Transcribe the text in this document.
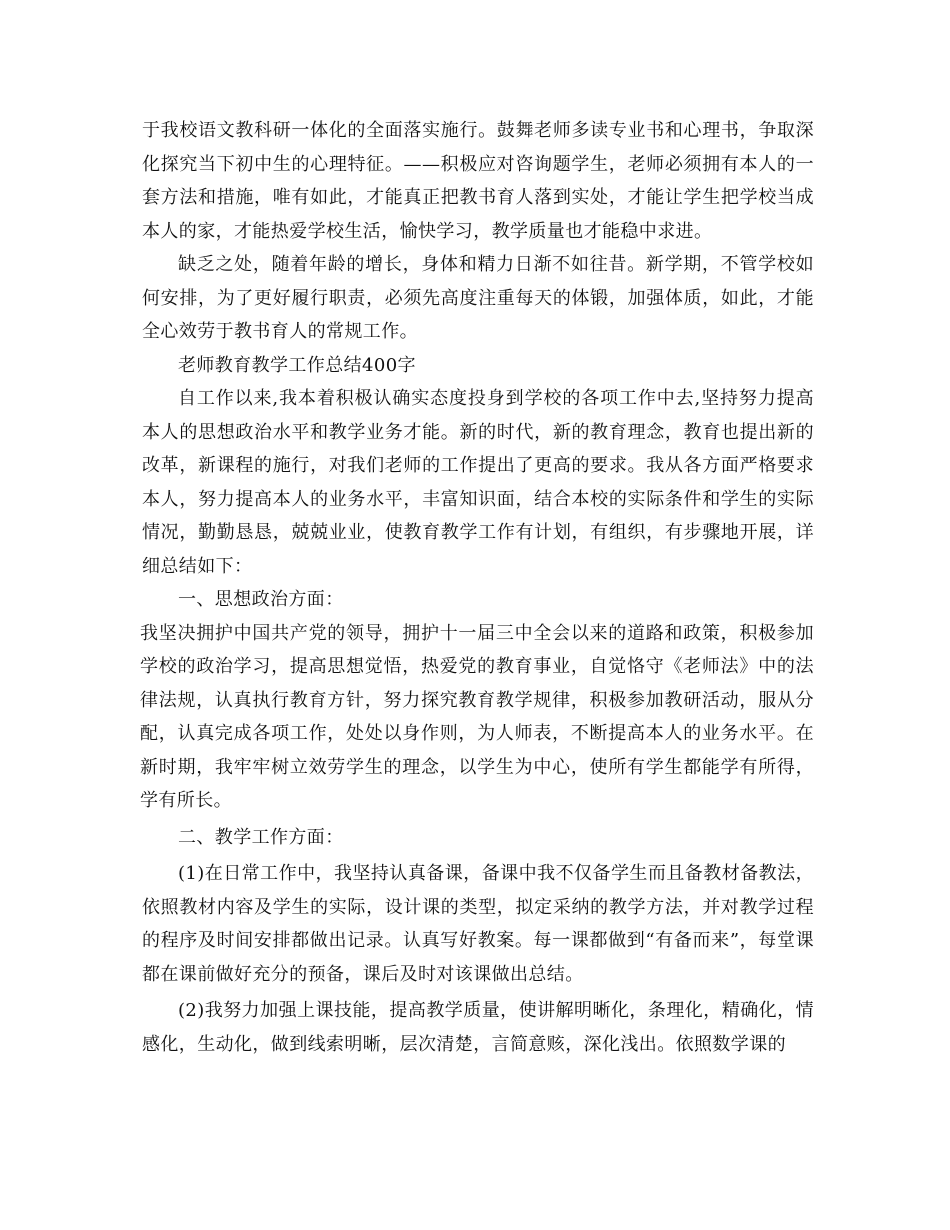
于我校语文教科研一体化的全面落实施行。鼓舞老师多读专业书和心理书，争取深化探究当下初中生的心理特征。——积极应对咨询题学生，老师必须拥有本人的一套方法和措施，唯有如此，才能真正把教书育人落到实处，才能让学生把学校当成本人的家，才能热爱学校生活，愉快学习，教学质量也才能稳中求进。

缺乏之处，随着年龄的增长，身体和精力日渐不如往昔。新学期，不管学校如何安排，为了更好履行职责，必须先高度注重每天的体锻，加强体质，如此，才能全心效劳于教书育人的常规工作。

老师教育教学工作总结400字

自工作以来,我本着积极认确实态度投身到学校的各项工作中去,坚持努力提高本人的思想政治水平和教学业务才能。新的时代，新的教育理念，教育也提出新的改革，新课程的施行，对我们老师的工作提出了更高的要求。我从各方面严格要求本人，努力提高本人的业务水平，丰富知识面，结合本校的实际条件和学生的实际情况，勤勤恳恳，兢兢业业，使教育教学工作有计划，有组织，有步骤地开展，详细总结如下：

一、思想政治方面：

我坚决拥护中国共产党的领导，拥护十一届三中全会以来的道路和政策，积极参加学校的政治学习，提高思想觉悟，热爱党的教育事业，自觉恪守《老师法》中的法律法规，认真执行教育方针，努力探究教育教学规律，积极参加教研活动，服从分配，认真完成各项工作，处处以身作则，为人师表，不断提高本人的业务水平。在新时期，我牢牢树立效劳学生的理念，以学生为中心，使所有学生都能学有所得，学有所长。

二、教学工作方面：

(1)在日常工作中，我坚持认真备课，备课中我不仅备学生而且备教材备教法，依照教材内容及学生的实际，设计课的类型，拟定采纳的教学方法，并对教学过程的程序及时间安排都做出记录。认真写好教案。每一课都做到“有备而来”，每堂课都在课前做好充分的预备，课后及时对该课做出总结。

(2)我努力加强上课技能，提高教学质量，使讲解明晰化，条理化，精确化，情感化，生动化，做到线索明晰，层次清楚，言简意赅，深化浅出。依照数学课的
